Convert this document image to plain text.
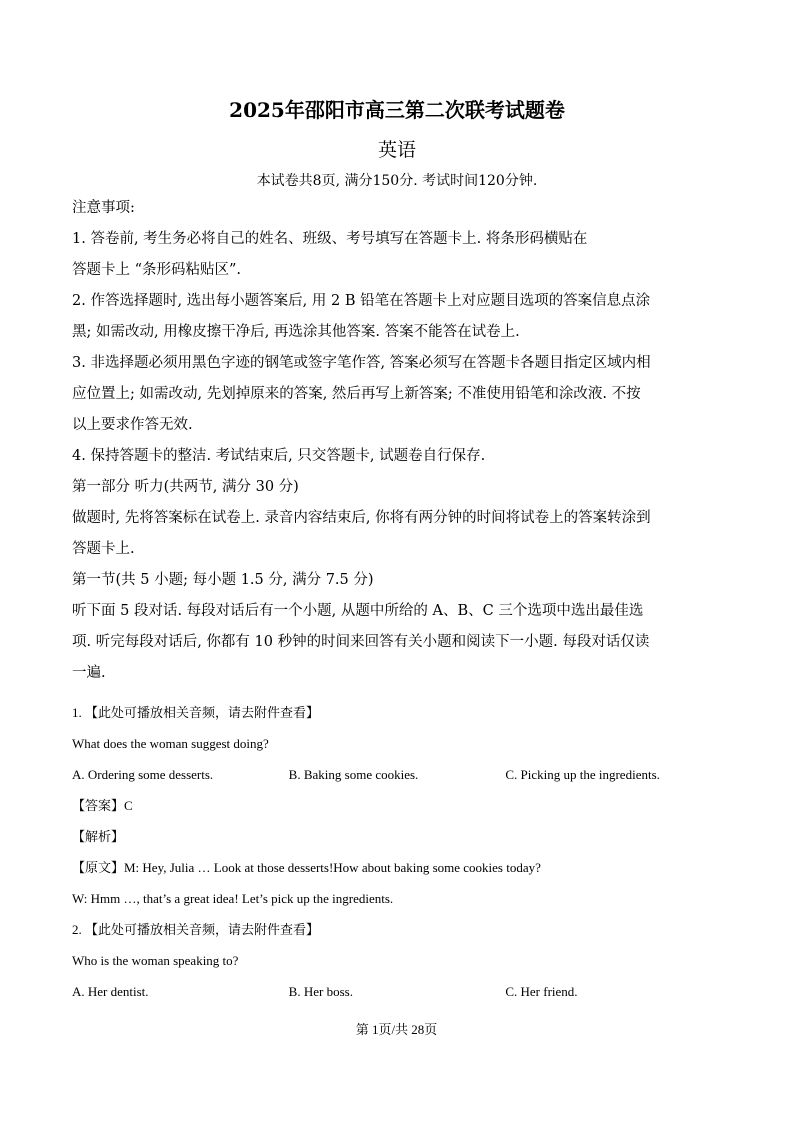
2025年邵阳市高三第二次联考试题卷

英语

本试卷共8页, 满分150分. 考试时间120分钟.

注意事项:

1. 答卷前, 考生务必将自己的姓名、班级、考号填写在答题卡上. 将条形码横贴在

答题卡上 “条形码粘贴区”.

2. 作答选择题时, 选出每小题答案后, 用 2 B 铅笔在答题卡上对应题目选项的答案信息点涂

黑; 如需改动, 用橡皮擦干净后, 再选涂其他答案. 答案不能答在试卷上.

3. 非选择题必须用黑色字迹的钢笔或签字笔作答, 答案必须写在答题卡各题目指定区域内相

应位置上; 如需改动, 先划掉原来的答案, 然后再写上新答案; 不准使用铅笔和涂改液. 不按

以上要求作答无效.

4. 保持答题卡的整洁. 考试结束后, 只交答题卡, 试题卷自行保存.

第一部分 听力(共两节, 满分 30 分)

做题时, 先将答案标在试卷上. 录音内容结束后, 你将有两分钟的时间将试卷上的答案转涂到

答题卡上.

第一节(共 5 小题; 每小题 1.5 分, 满分 7.5 分)

听下面 5 段对话. 每段对话后有一个小题, 从题中所给的 A、B、C 三个选项中选出最佳选

项. 听完每段对话后, 你都有 10 秒钟的时间来回答有关小题和阅读下一小题. 每段对话仅读

一遍.

1. 【此处可播放相关音频，请去附件查看】

What does the woman suggest doing?

A. Ordering some desserts.	B. Baking some cookies.	C. Picking up the ingredients.

【答案】C

【解析】

【原文】M: Hey, Julia … Look at those desserts!How about baking some cookies today?

W: Hmm …, that’s a great idea! Let’s pick up the ingredients.

2. 【此处可播放相关音频，请去附件查看】

Who is the woman speaking to?

A. Her dentist.	B. Her boss.	C. Her friend.
第 1页/共 28页
